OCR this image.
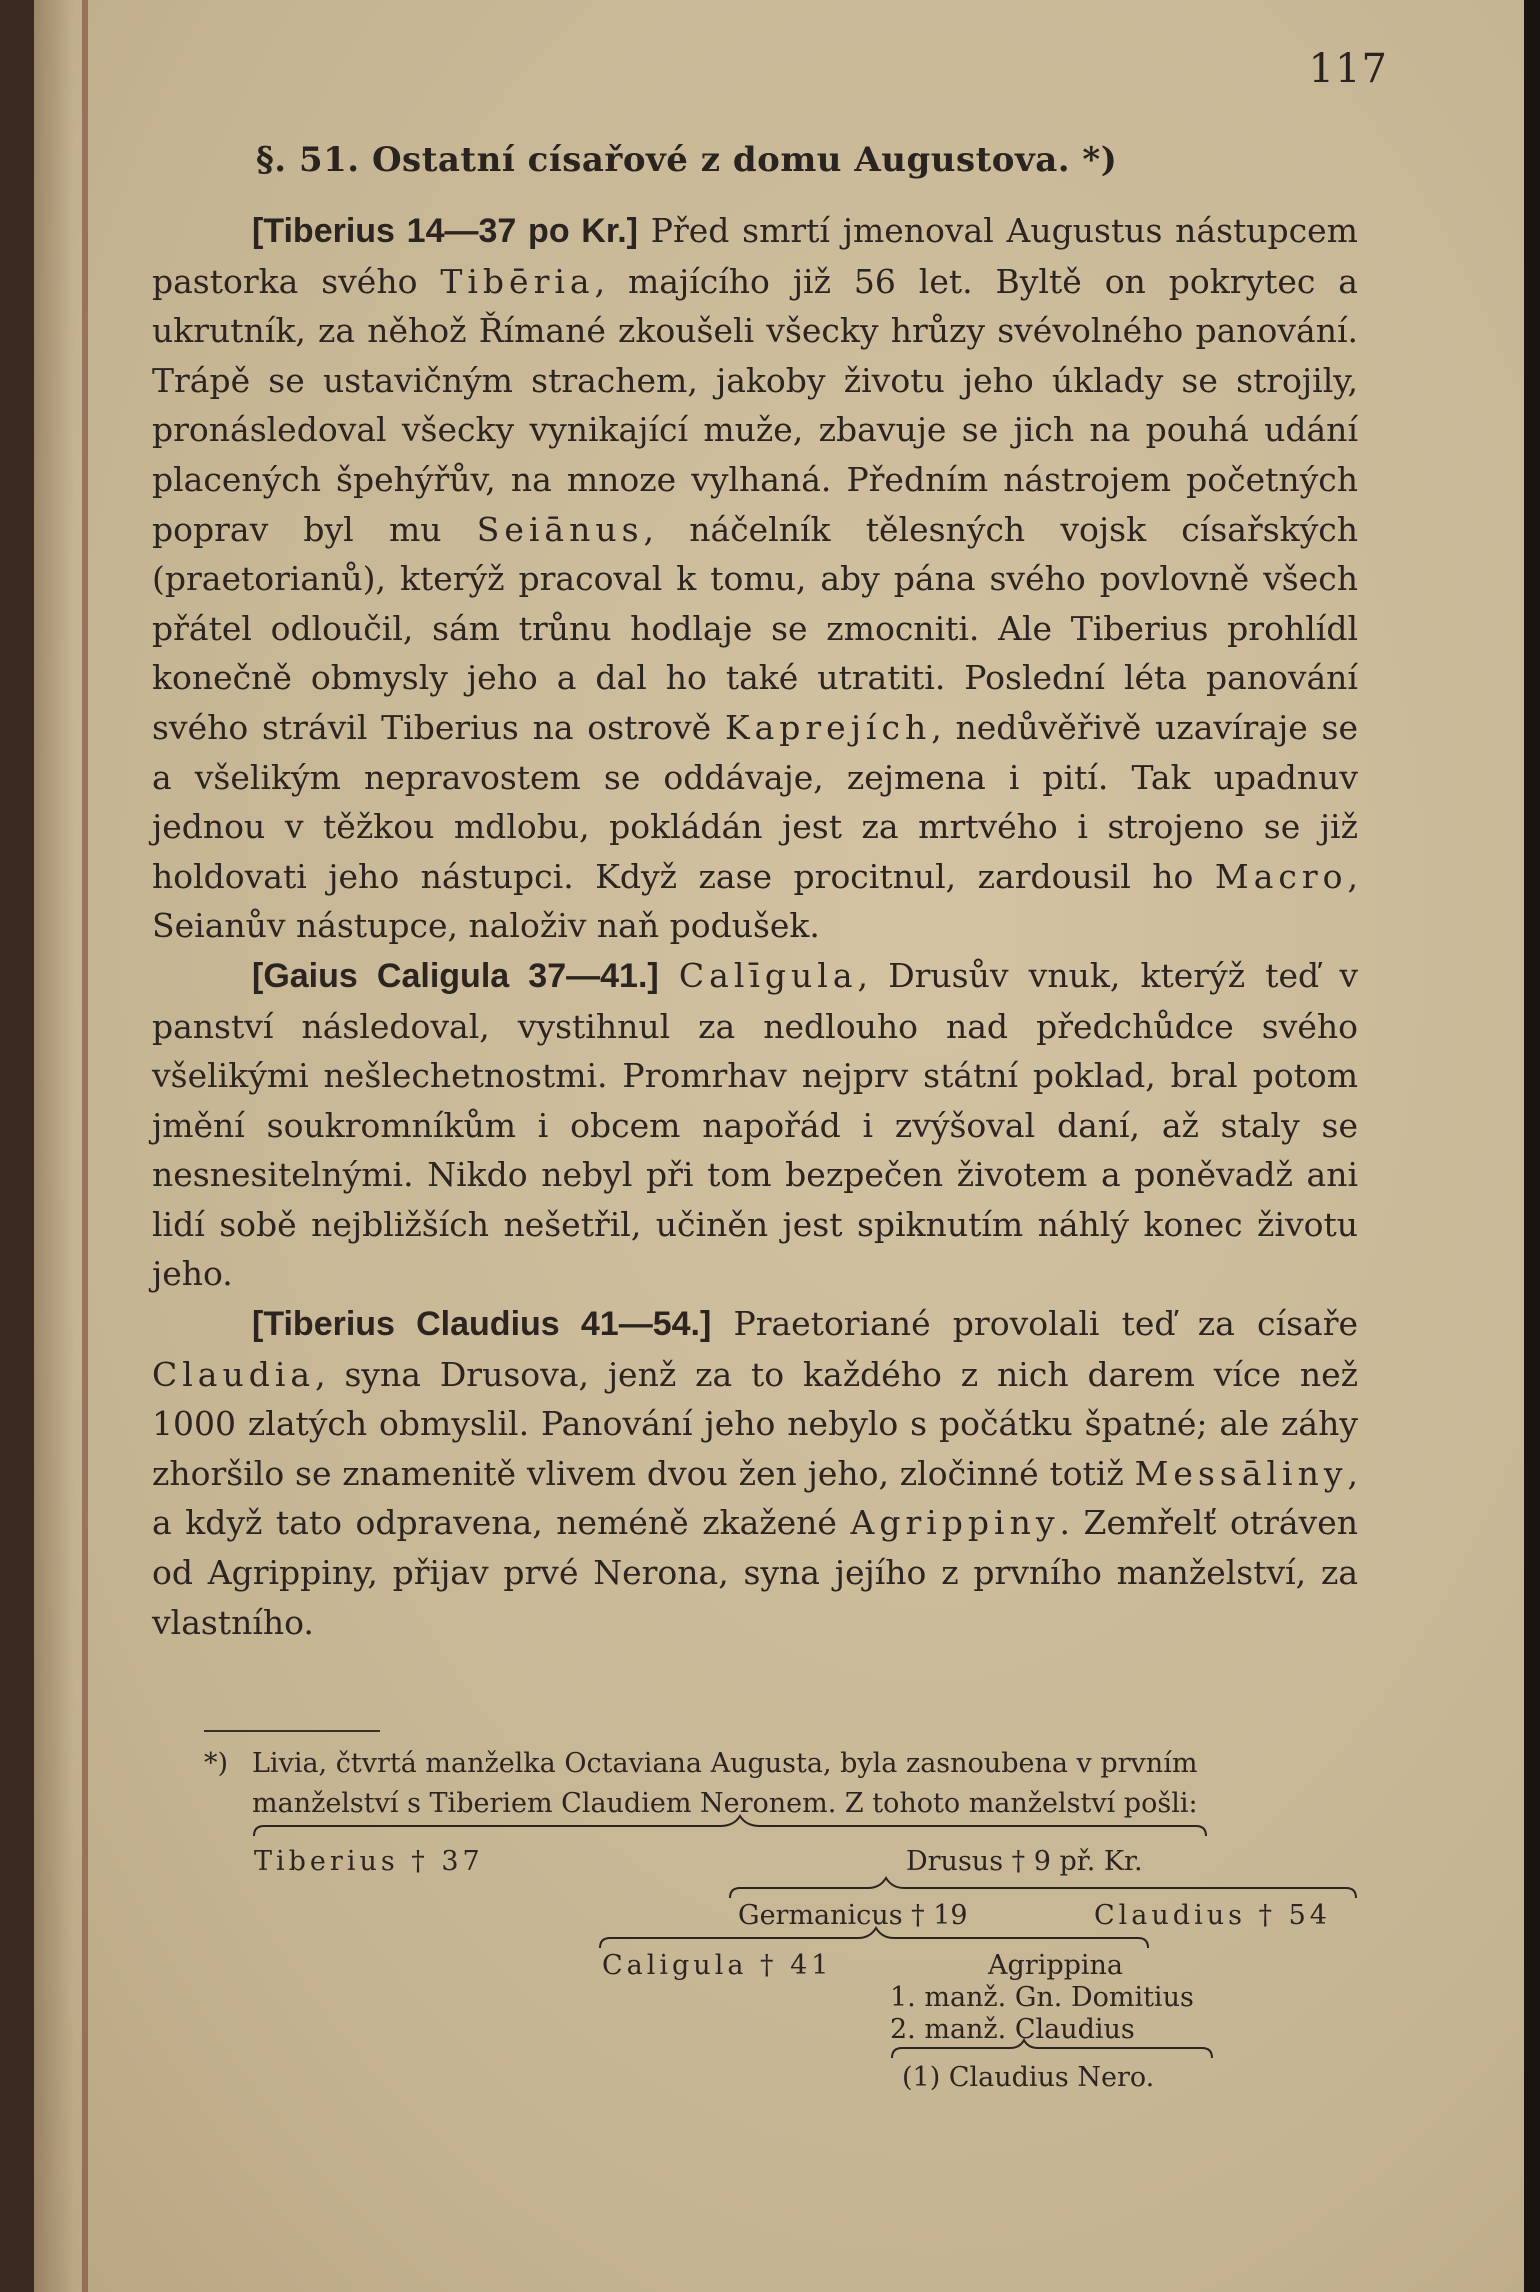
117
§. 51. Ostatní císařové z domu Augustova. *)

[Tiberius 14—37 po Kr.] Před smrtí jmenoval Augustus nástupcem pastorka svého Tibēria, majícího již 56 let. Byltě on pokrytec a ukrutník, za něhož Římané zkoušeli všecky hrůzy svévolného panování. Trápě se ustavičným strachem, jakoby životu jeho úklady se strojily, pronásledoval všecky vynikající muže, zbavuje se jich na pouhá udání placených špehýřův, na mnoze vylhaná. Předním nástrojem početných poprav byl mu Seiānus, náčelník tělesných vojsk císařských (praetorianů), kterýž pracoval k tomu, aby pána svého povlovně všech přátel odloučil, sám trůnu hodlaje se zmocniti. Ale Tiberius prohlídl konečně obmysly jeho a dal ho také utratiti. Poslední léta panování svého strávil Tiberius na ostrově Kaprejích, nedůvěřivě uzavíraje se a všelikým nepravostem se oddávaje, zejmena i pití. Tak upadnuv jednou v těžkou mdlobu, pokládán jest za mrtvého i strojeno se již holdovati jeho nástupci. Když zase procitnul, zardousil ho Macro, Seianův nástupce, naloživ naň podušek.

[Gaius Caligula 37—41.] Calīgula, Drusův vnuk, kterýž teď v panství následoval, vystihnul za nedlouho nad předchůdce svého všelikými nešlechetnostmi. Promrhav nejprv státní poklad, bral potom jmění soukromníkům i obcem napořád i zvýšoval daní, až staly se nesnesitelnými. Nikdo nebyl při tom bezpečen životem a poněvadž ani lidí sobě nejbližších nešetřil, učiněn jest spiknutím náhlý konec životu jeho.

[Tiberius Claudius 41—54.] Praetoriané provolali teď za císaře Claudia, syna Drusova, jenž za to každého z nich darem více než 1000 zlatých obmyslil. Panování jeho nebylo s počátku špatné; ale záhy zhoršilo se znamenitě vlivem dvou žen jeho, zločinné totiž Messāliny, a když tato odpravena, neméně zkažené Agrippiny. Zemřelť otráven od Agrippiny, přijav prvé Nerona, syna jejího z prvního manželství, za vlastního.

*) Livia, čtvrtá manželka Octaviana Augusta, byla zasnoubena v prvním
manželství s Tiberiem Claudiem Neronem. Z tohoto manželství pošli:
Tiberius † 37	Drusus † 9 př. Kr.
Germanicus † 19	Claudius † 54
Caligula † 41	Agrippina
1. manž. Gn. Domitius
2. manž. Claudius
(1) Claudius Nero.
